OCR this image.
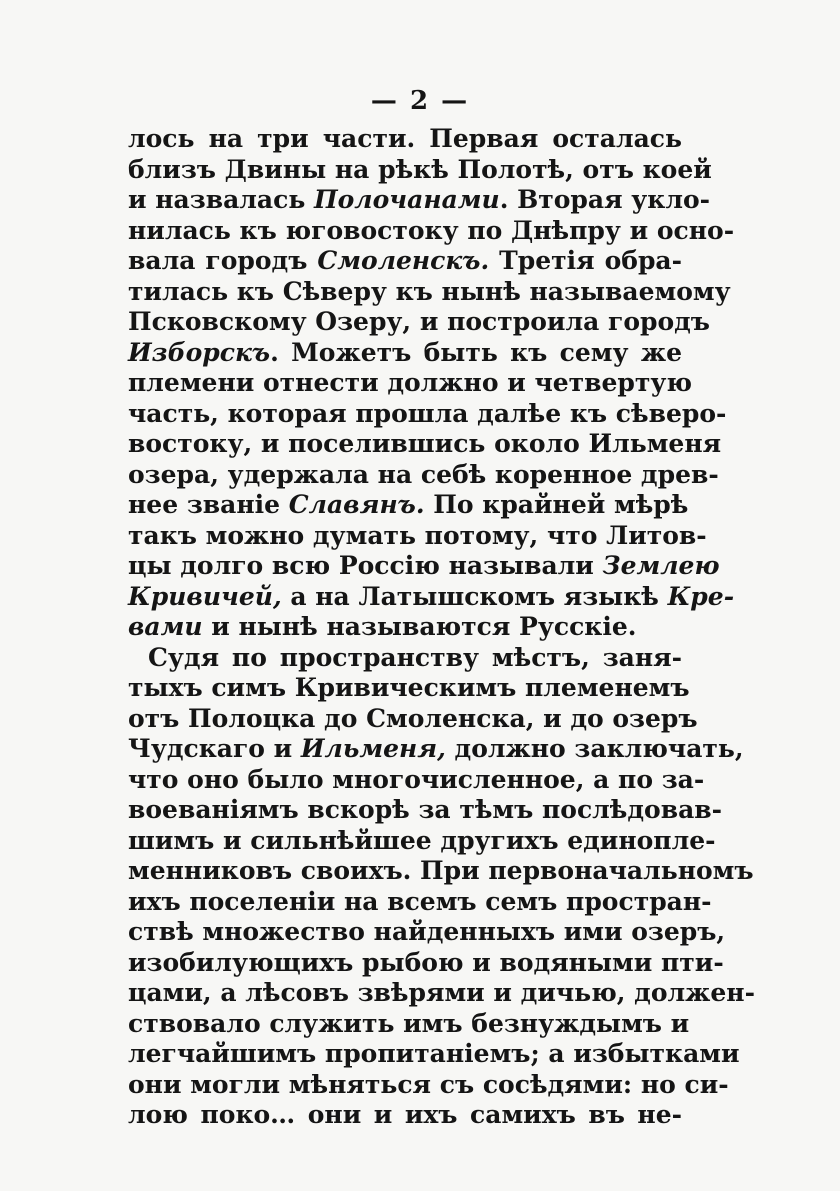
— 2 —
лось на три части. Первая осталась
близъ Двины на рѣкѣ Полотѣ, отъ коей
и назвалась Полочанами. Вторая укло-
нилась къ юговостоку по Днѣпру и осно-
вала городъ Смоленскъ. Третія обра-
тилась къ Сѣверу къ нынѣ называемому
Псковскому Озеру, и построила городъ
Изборскъ. Можетъ быть къ сему же
племени отнести должно и четвертую
часть, которая прошла далѣе къ сѣверо-
востоку, и поселившись около Ильменя
озера, удержала на себѣ коренное древ-
нее званіе Славянъ. По крайней мѣрѣ
такъ можно думать потому, что Литов-
цы долго всю Россію называли Землею
Кривичей, а на Латышскомъ языкѣ Кре-
вами и нынѣ называются Русскіе.
Судя по пространству мѣстъ, заня-
тыхъ симъ Кривическимъ племенемъ
отъ Полоцка до Смоленска, и до озеръ
Чудскаго и Ильменя, должно заключать,
что оно было многочисленное, а по за-
воеваніямъ вскорѣ за тѣмъ послѣдовав-
шимъ и сильнѣйшее другихъ единопле-
менниковъ своихъ. При первоначальномъ
ихъ поселеніи на всемъ семъ простран-
ствѣ множество найденныхъ ими озеръ,
изобилующихъ рыбою и водяными пти-
цами, а лѣсовъ звѣрями и дичью, должен-
ствовало служить имъ безнуждымъ и
легчайшимъ пропитаніемъ; а избытками
они могли мѣняться съ сосѣдями: но си-
лою поко… они и ихъ самихъ въ не-
